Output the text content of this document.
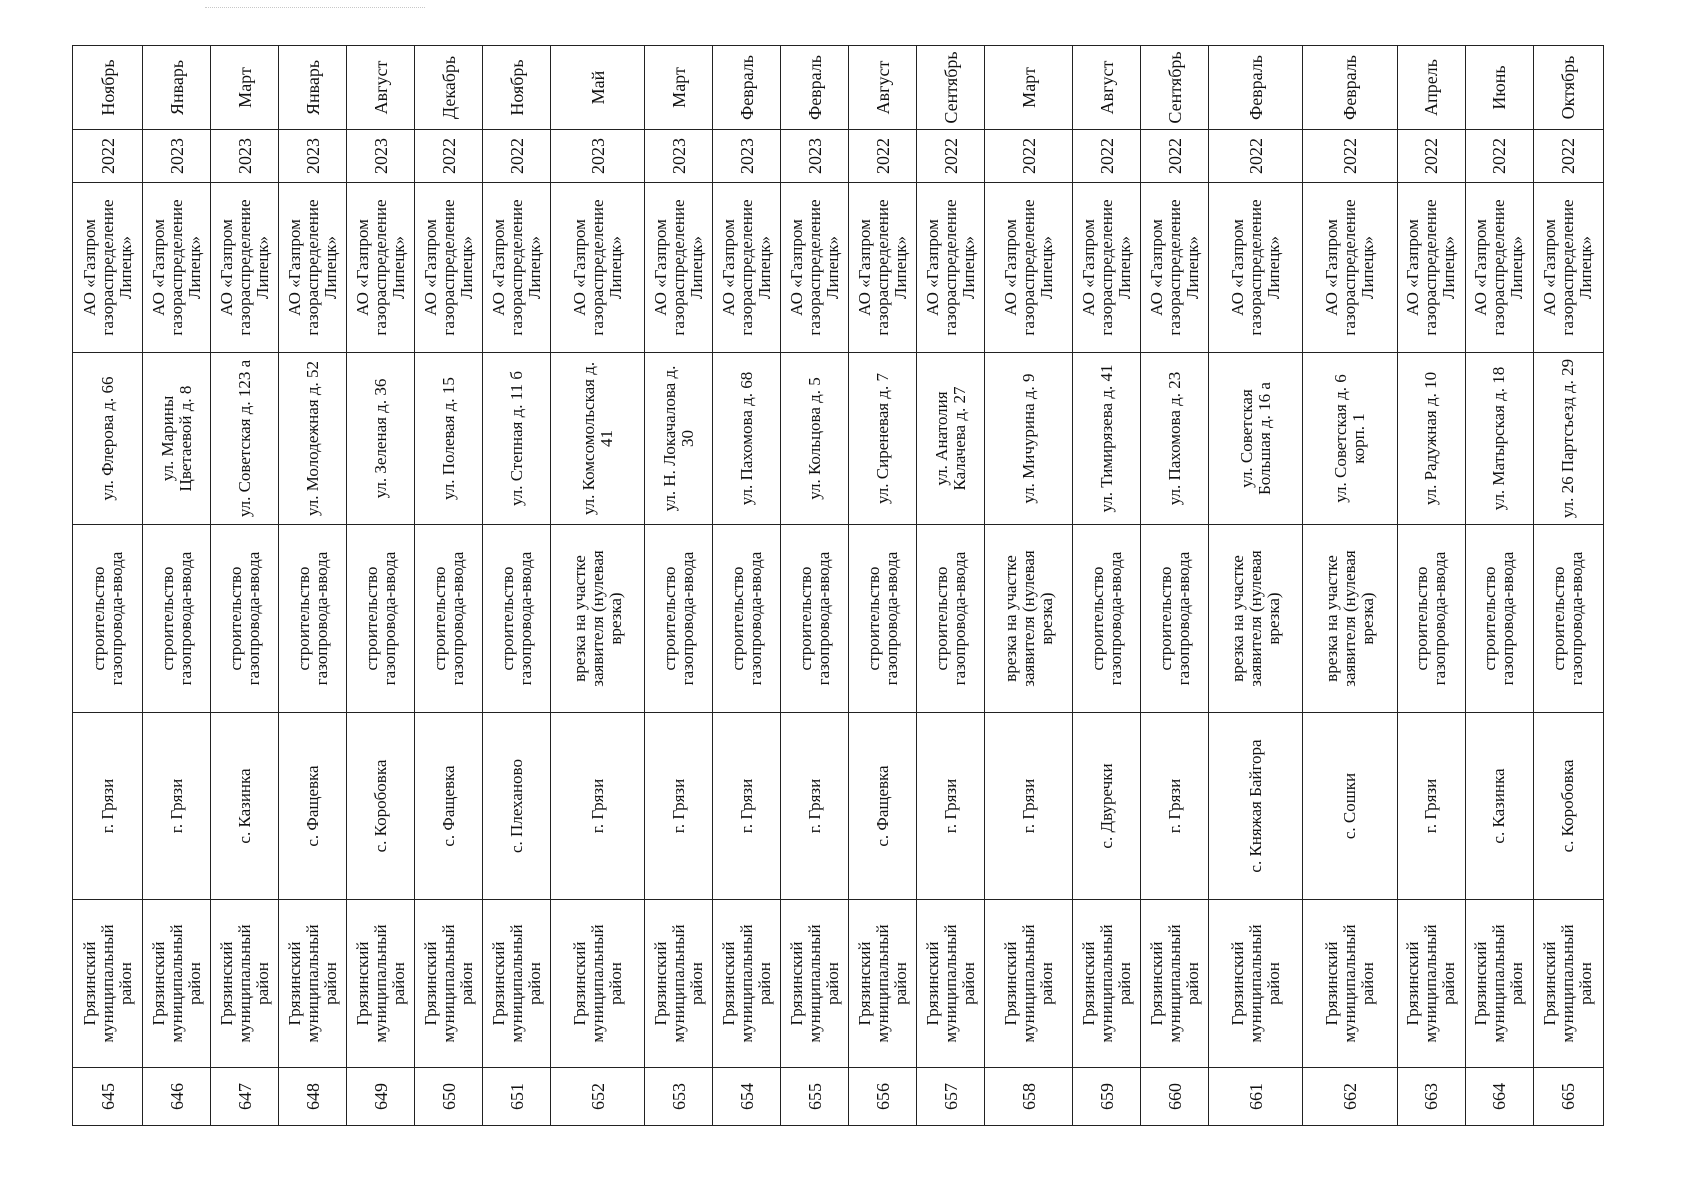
645	Грязинский муниципальный район	г. Грязи	строительство газопровода-ввода	ул. Флерова д. 66	АО «Газпром газораспределение Липецк»	2022	Ноябрь
646	Грязинский муниципальный район	г. Грязи	строительство газопровода-ввода	ул. Марины Цветаевой д. 8	АО «Газпром газораспределение Липецк»	2023	Январь
647	Грязинский муниципальный район	с. Казинка	строительство газопровода-ввода	ул. Советская д. 123 а	АО «Газпром газораспределение Липецк»	2023	Март
648	Грязинский муниципальный район	с. Фащевка	строительство газопровода-ввода	ул. Молодежная д. 52	АО «Газпром газораспределение Липецк»	2023	Январь
649	Грязинский муниципальный район	с. Коробовка	строительство газопровода-ввода	ул. Зеленая д. 36	АО «Газпром газораспределение Липецк»	2023	Август
650	Грязинский муниципальный район	с. Фащевка	строительство газопровода-ввода	ул. Полевая д. 15	АО «Газпром газораспределение Липецк»	2022	Декабрь
651	Грязинский муниципальный район	с. Плеханово	строительство газопровода-ввода	ул. Степная д. 11 б	АО «Газпром газораспределение Липецк»	2022	Ноябрь
652	Грязинский муниципальный район	г. Грязи	врезка на участке заявителя (нулевая врезка)	ул. Комсомольская д. 41	АО «Газпром газораспределение Липецк»	2023	Май
653	Грязинский муниципальный район	г. Грязи	строительство газопровода-ввода	ул. Н. Локачалова д. 30	АО «Газпром газораспределение Липецк»	2023	Март
654	Грязинский муниципальный район	г. Грязи	строительство газопровода-ввода	ул. Пахомова д. 68	АО «Газпром газораспределение Липецк»	2023	Февраль
655	Грязинский муниципальный район	г. Грязи	строительство газопровода-ввода	ул. Кольцова д. 5	АО «Газпром газораспределение Липецк»	2023	Февраль
656	Грязинский муниципальный район	с. Фащевка	строительство газопровода-ввода	ул. Сиреневая д. 7	АО «Газпром газораспределение Липецк»	2022	Август
657	Грязинский муниципальный район	г. Грязи	строительство газопровода-ввода	ул. Анатолия Калачева д. 27	АО «Газпром газораспределение Липецк»	2022	Сентябрь
658	Грязинский муниципальный район	г. Грязи	врезка на участке заявителя (нулевая врезка)	ул. Мичурина д. 9	АО «Газпром газораспределение Липецк»	2022	Март
659	Грязинский муниципальный район	с. Двуречки	строительство газопровода-ввода	ул. Тимирязева д. 41	АО «Газпром газораспределение Липецк»	2022	Август
660	Грязинский муниципальный район	г. Грязи	строительство газопровода-ввода	ул. Пахомова д. 23	АО «Газпром газораспределение Липецк»	2022	Сентябрь
661	Грязинский муниципальный район	с. Княжая Байгора	врезка на участке заявителя (нулевая врезка)	ул. Советская Большая д. 16 а	АО «Газпром газораспределение Липецк»	2022	Февраль
662	Грязинский муниципальный район	с. Сошки	врезка на участке заявителя (нулевая врезка)	ул. Советская д. 6 корп. 1	АО «Газпром газораспределение Липецк»	2022	Февраль
663	Грязинский муниципальный район	г. Грязи	строительство газопровода-ввода	ул. Радужная д. 10	АО «Газпром газораспределение Липецк»	2022	Апрель
664	Грязинский муниципальный район	с. Казинка	строительство газопровода-ввода	ул. Матырская д. 18	АО «Газпром газораспределение Липецк»	2022	Июнь
665	Грязинский муниципальный район	с. Коробовка	строительство газопровода-ввода	ул. 26 Партсъезд д. 29	АО «Газпром газораспределение Липецк»	2022	Октябрь
